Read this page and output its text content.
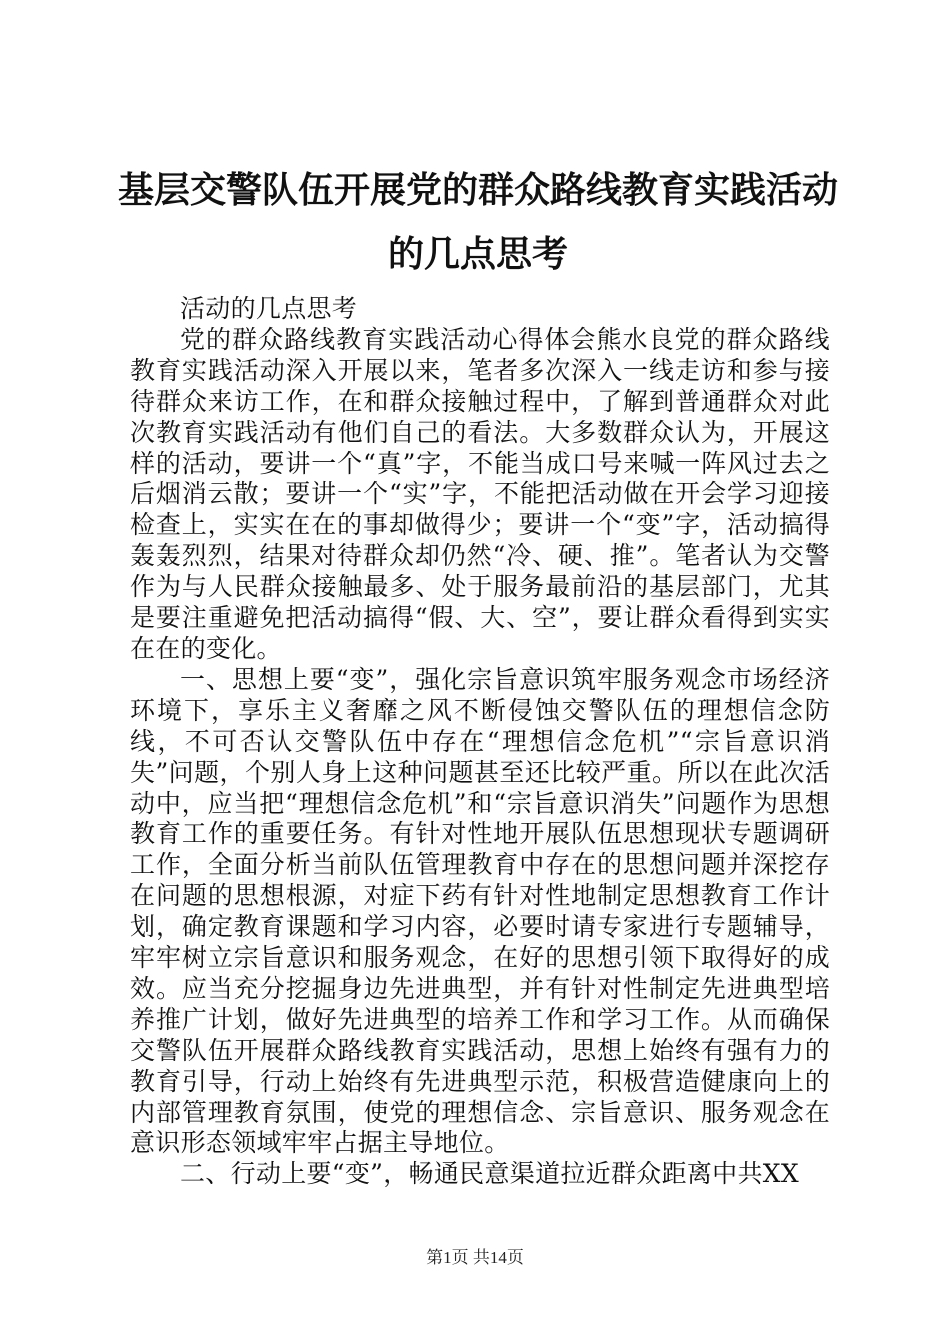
基层交警队伍开展党的群众路线教育实践活动
的几点思考

活动的几点思考

党的群众路线教育实践活动心得体会熊水良党的群众路线教育实践活动深入开展以来，笔者多次深入一线走访和参与接待群众来访工作，在和群众接触过程中，了解到普通群众对此次教育实践活动有他们自己的看法。大多数群众认为，开展这样的活动，要讲一个“真”字，不能当成口号来喊一阵风过去之后烟消云散；要讲一个“实”字，不能把活动做在开会学习迎接检查上，实实在在的事却做得少；要讲一个“变”字，活动搞得轰轰烈烈，结果对待群众却仍然“冷、硬、推”。笔者认为交警作为与人民群众接触最多、处于服务最前沿的基层部门，尤其是要注重避免把活动搞得“假、大、空”，要让群众看得到实实在在的变化。

一、思想上要“变”，强化宗旨意识筑牢服务观念市场经济环境下，享乐主义奢靡之风不断侵蚀交警队伍的理想信念防线，不可否认交警队伍中存在“理想信念危机”“宗旨意识消失”问题，个别人身上这种问题甚至还比较严重。所以在此次活动中，应当把“理想信念危机”和“宗旨意识消失”问题作为思想教育工作的重要任务。有针对性地开展队伍思想现状专题调研工作，全面分析当前队伍管理教育中存在的思想问题并深挖存在问题的思想根源，对症下药有针对性地制定思想教育工作计划，确定教育课题和学习内容，必要时请专家进行专题辅导，牢牢树立宗旨意识和服务观念，在好的思想引领下取得好的成效。应当充分挖掘身边先进典型，并有针对性制定先进典型培养推广计划，做好先进典型的培养工作和学习工作。从而确保交警队伍开展群众路线教育实践活动，思想上始终有强有力的教育引导，行动上始终有先进典型示范，积极营造健康向上的内部管理教育氛围，使党的理想信念、宗旨意识、服务观念在意识形态领域牢牢占据主导地位。

二、行动上要“变”，畅通民意渠道拉近群众距离中共XX

第1页 共14页
